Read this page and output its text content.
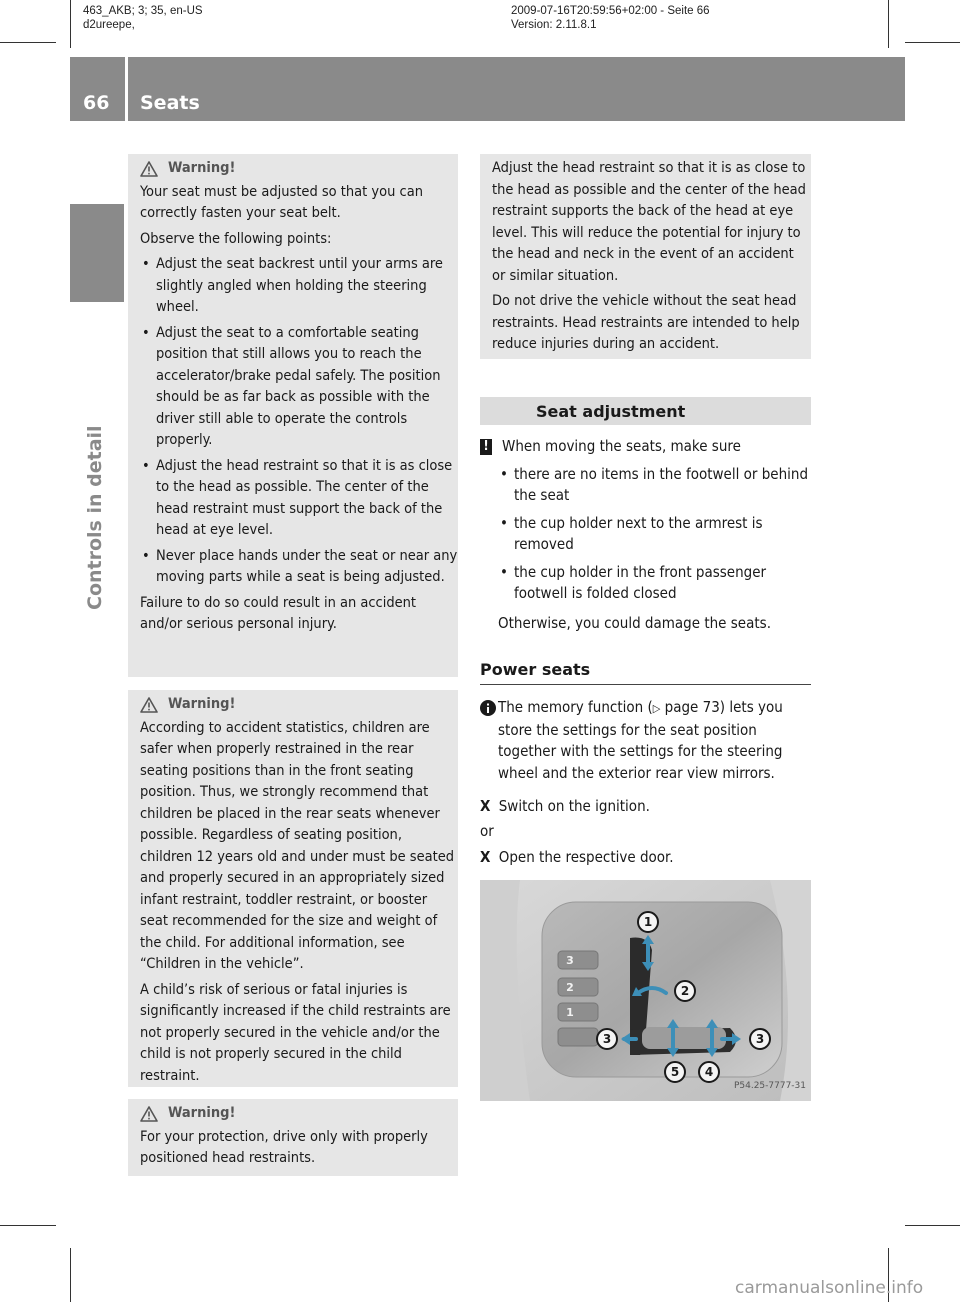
463_AKB; 3; 35, en-US
d2ureepe,
2009-07-16T20:59:56+02:00 - Seite 66
Version: 2.11.8.1
66 Seats
Controls in detail
Warning!

Your seat must be adjusted so that you can correctly fasten your seat belt.

Observe the following points:

• Adjust the seat backrest until your arms are slightly angled when holding the steering wheel.
• Adjust the seat to a comfortable seating position that still allows you to reach the accelerator/brake pedal safely. The position should be as far back as possible with the driver still able to operate the controls properly.
• Adjust the head restraint so that it is as close to the head as possible. The center of the head restraint must support the back of the head at eye level.
• Never place hands under the seat or near any moving parts while a seat is being adjusted.

Failure to do so could result in an accident and/or serious personal injury.

Warning!

According to accident statistics, children are safer when properly restrained in the rear seating positions than in the front seating position. Thus, we strongly recommend that children be placed in the rear seats whenever possible. Regardless of seating position, children 12 years old and under must be seated and properly secured in an appropriately sized infant restraint, toddler restraint, or booster seat recommended for the size and weight of the child. For additional information, see “Children in the vehicle”.

A child’s risk of serious or fatal injuries is significantly increased if the child restraints are not properly secured in the vehicle and/or the child is not properly secured in the child restraint.

Warning!

For your protection, drive only with properly positioned head restraints.

Adjust the head restraint so that it is as close to the head as possible and the center of the head restraint supports the back of the head at eye level. This will reduce the potential for injury to the head and neck in the event of an accident or similar situation.

Do not drive the vehicle without the seat head restraints. Head restraints are intended to help reduce injuries during an accident.

Seat adjustment
! When moving the seats, make sure
• there are no items in the footwell or behind the seat
• the cup holder next to the armrest is removed
• the cup holder in the front passenger footwell is folded closed
Otherwise, you could damage the seats.
Power seats
The memory function (▷ page 73) lets you store the settings for the seat position together with the settings for the steering wheel and the exterior rear view mirrors.
X Switch on the ignition.
or
X Open the respective door.
3
2
1
1
2
3	3
5 4
P54.25-7777-31
carmanualsonline.info
